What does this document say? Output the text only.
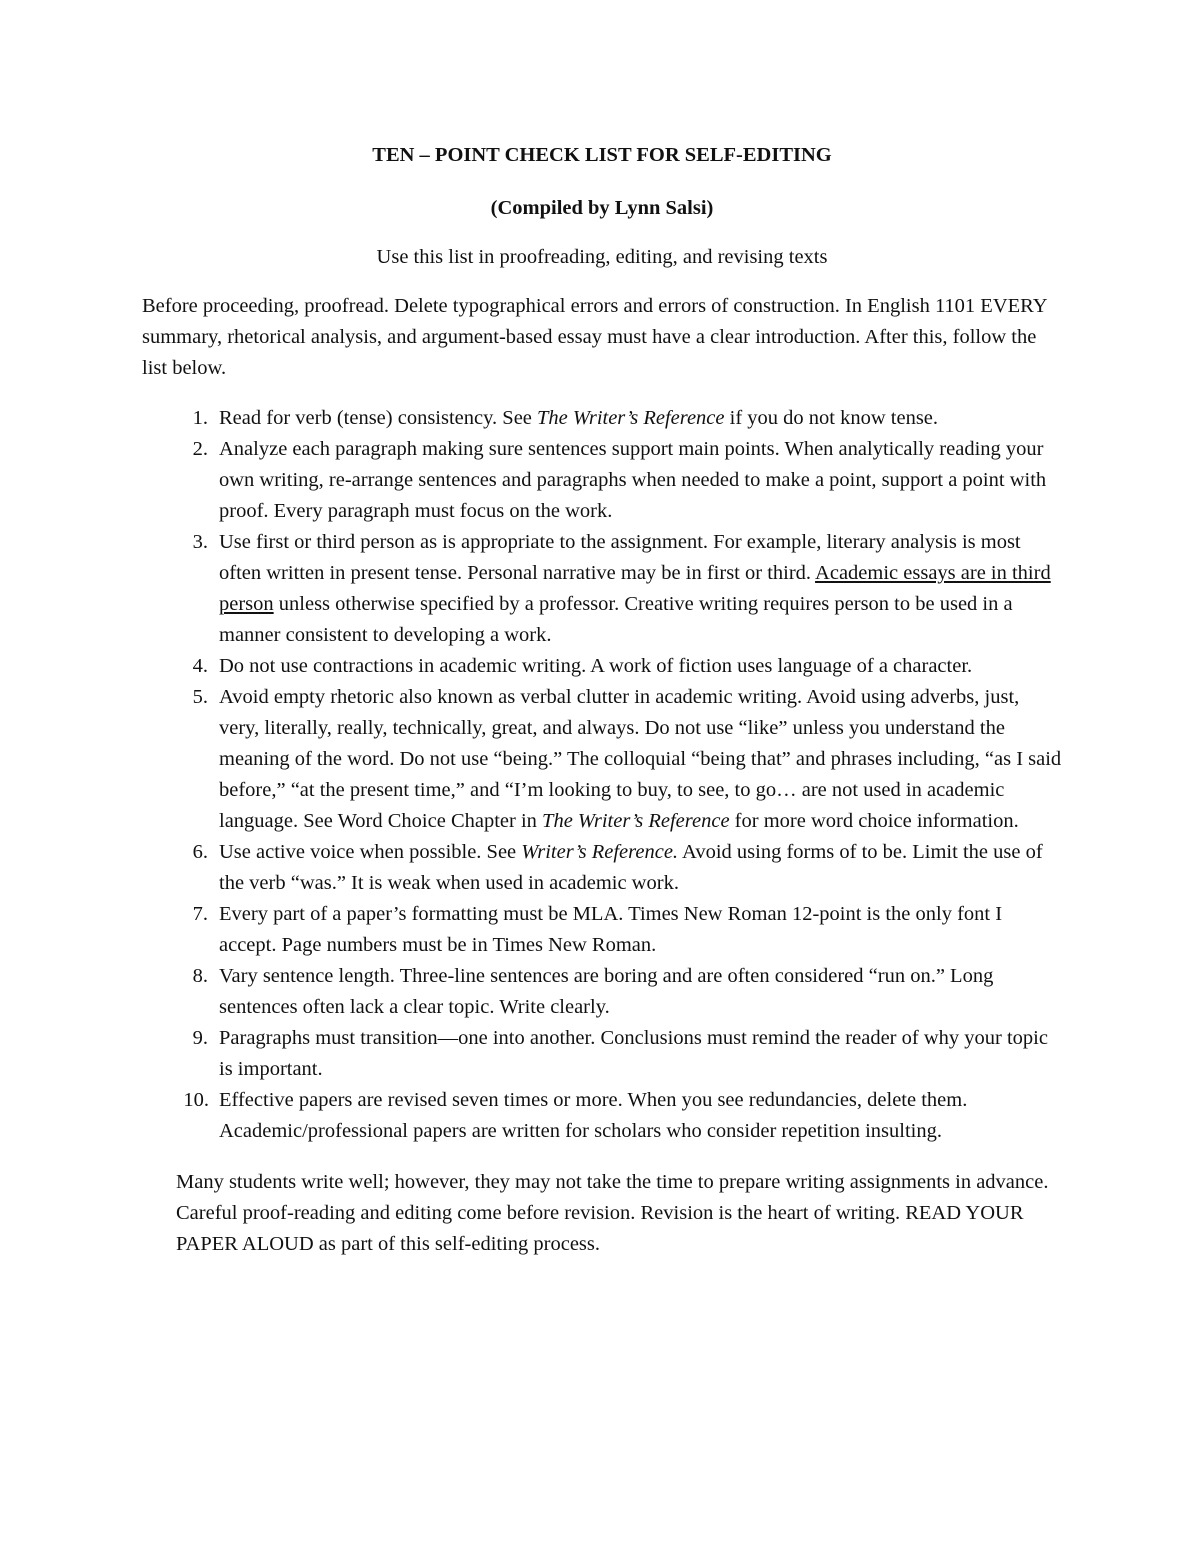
TEN – POINT CHECK LIST FOR SELF-EDITING

(Compiled by Lynn Salsi)

Use this list in proofreading, editing, and revising texts

Before proceeding, proofread. Delete typographical errors and errors of construction. In English 1101 EVERY summary, rhetorical analysis, and argument-based essay must have a clear introduction. After this, follow the list below.

1. Read for verb (tense) consistency. See The Writer’s Reference if you do not know tense.
2. Analyze each paragraph making sure sentences support main points. When analytically reading your own writing, re-arrange sentences and paragraphs when needed to make a point, support a point with proof. Every paragraph must focus on the work.
3. Use first or third person as is appropriate to the assignment. For example, literary analysis is most often written in present tense. Personal narrative may be in first or third. Academic essays are in third person unless otherwise specified by a professor. Creative writing requires person to be used in a manner consistent to developing a work.
4. Do not use contractions in academic writing. A work of fiction uses language of a character.
5. Avoid empty rhetoric also known as verbal clutter in academic writing. Avoid using adverbs, just, very, literally, really, technically, great, and always. Do not use “like” unless you understand the meaning of the word. Do not use “being.” The colloquial “being that” and phrases including, “as I said before,” “at the present time,” and “I’m looking to buy, to see, to go… are not used in academic language. See Word Choice Chapter in The Writer’s Reference for more word choice information.
6. Use active voice when possible. See Writer’s Reference. Avoid using forms of to be. Limit the use of the verb “was.” It is weak when used in academic work.
7. Every part of a paper’s formatting must be MLA. Times New Roman 12-point is the only font I accept. Page numbers must be in Times New Roman.
8. Vary sentence length. Three-line sentences are boring and are often considered “run on.” Long sentences often lack a clear topic. Write clearly.
9. Paragraphs must transition—one into another. Conclusions must remind the reader of why your topic is important.
10. Effective papers are revised seven times or more. When you see redundancies, delete them. Academic/professional papers are written for scholars who consider repetition insulting.

Many students write well; however, they may not take the time to prepare writing assignments in advance. Careful proof-reading and editing come before revision. Revision is the heart of writing. READ YOUR PAPER ALOUD as part of this self-editing process.
